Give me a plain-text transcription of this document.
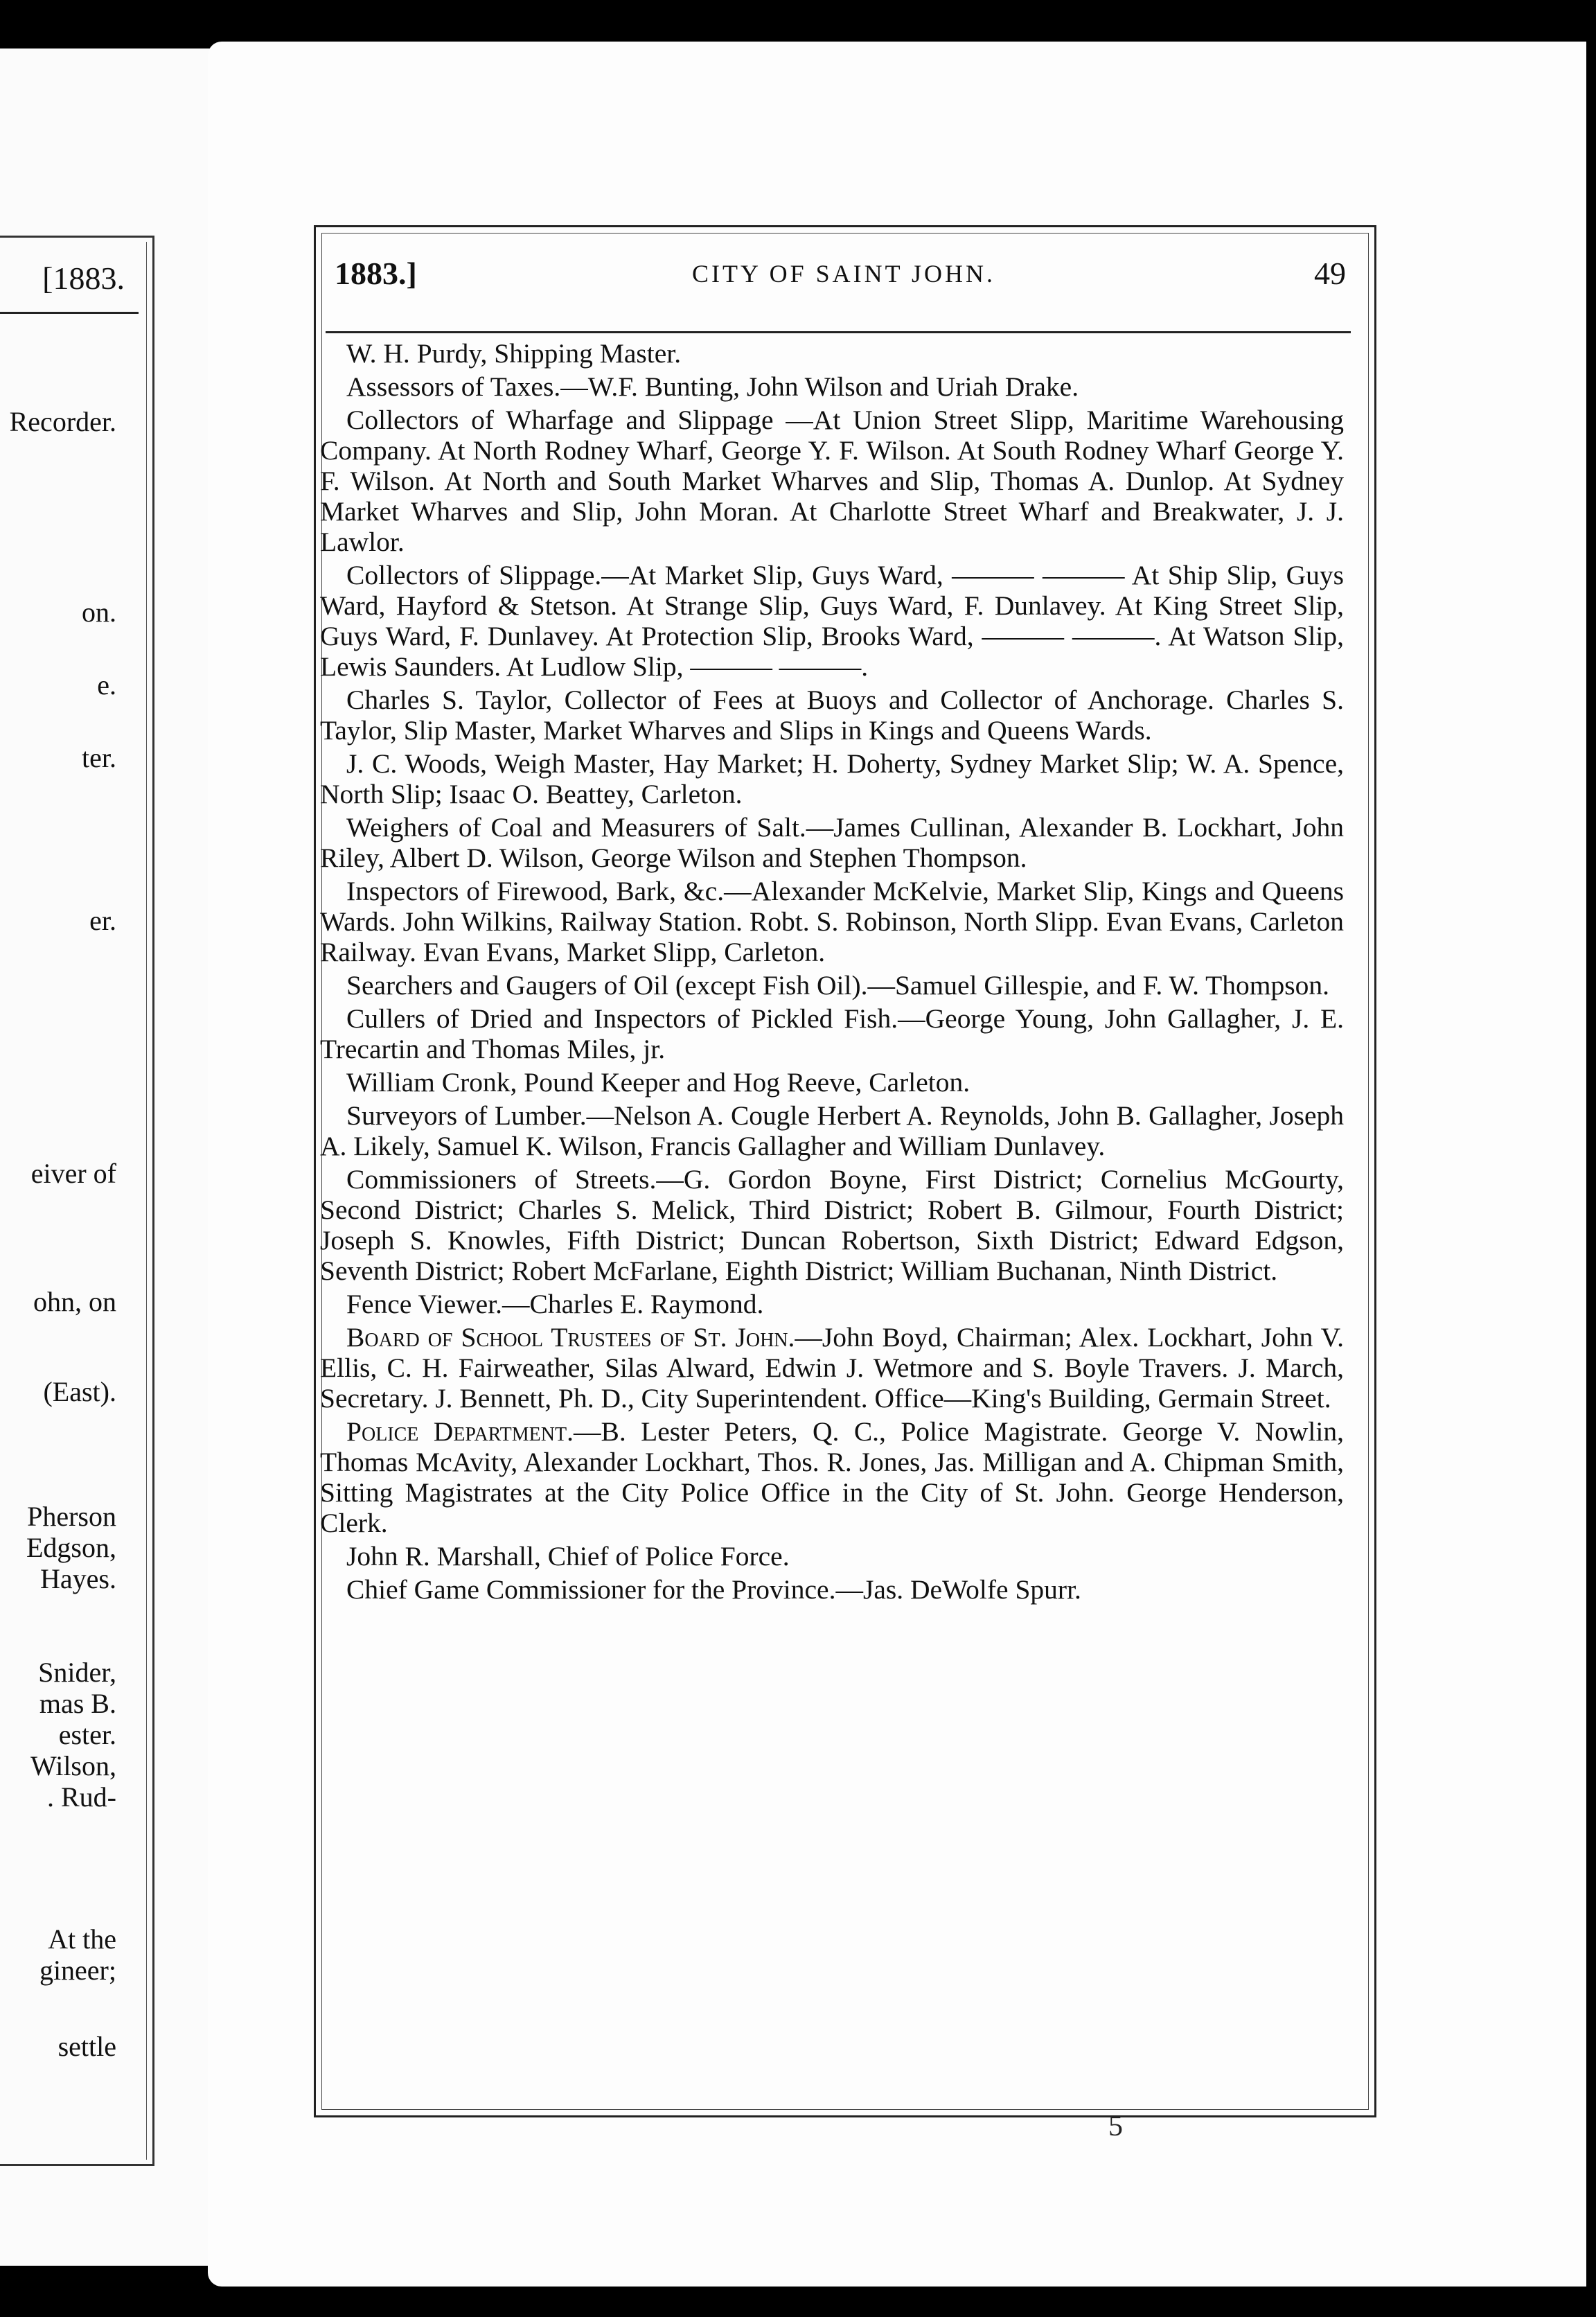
[1883.
Recorder.
on.
e.
ter.
er.
eiver of
ohn, on
(East).
Pherson
Edgson,
Hayes.
Snider,
mas B.
ester.
Wilson,
. Rud-
At the
gineer;
settle
1883.]	CITY OF SAINT JOHN.	49

W. H. Purdy, Shipping Master.

Assessors of Taxes.—W.F. Bunting, John Wilson and Uriah Drake.

Collectors of Wharfage and Slippage —At Union Street Slipp, Maritime Warehousing Company. At North Rodney Wharf, George Y. F. Wilson. At South Rodney Wharf George Y. F. Wilson. At North and South Market Wharves and Slip, Thomas A. Dunlop. At Sydney Market Wharves and Slip, John Moran. At Charlotte Street Wharf and Breakwater, J. J. Lawlor.

Collectors of Slippage.—At Market Slip, Guys Ward, ——— ——— At Ship Slip, Guys Ward, Hayford & Stetson. At Strange Slip, Guys Ward, F. Dunlavey. At King Street Slip, Guys Ward, F. Dunlavey. At Protection Slip, Brooks Ward, ——— ———. At Watson Slip, Lewis Saunders. At Ludlow Slip, ——— ———.

Charles S. Taylor, Collector of Fees at Buoys and Collector of Anchorage. Charles S. Taylor, Slip Master, Market Wharves and Slips in Kings and Queens Wards.

J. C. Woods, Weigh Master, Hay Market; H. Doherty, Sydney Market Slip; W. A. Spence, North Slip; Isaac O. Beattey, Carleton.

Weighers of Coal and Measurers of Salt.—James Cullinan, Alexander B. Lockhart, John Riley, Albert D. Wilson, George Wilson and Stephen Thompson.

Inspectors of Firewood, Bark, &c.—Alexander McKelvie, Market Slip, Kings and Queens Wards. John Wilkins, Railway Station. Robt. S. Robinson, North Slipp. Evan Evans, Carleton Railway. Evan Evans, Market Slipp, Carleton.

Searchers and Gaugers of Oil (except Fish Oil).—Samuel Gillespie, and F. W. Thompson.

Cullers of Dried and Inspectors of Pickled Fish.—George Young, John Gallagher, J. E. Trecartin and Thomas Miles, jr.

William Cronk, Pound Keeper and Hog Reeve, Carleton.

Surveyors of Lumber.—Nelson A. Cougle Herbert A. Reynolds, John B. Gallagher, Joseph A. Likely, Samuel K. Wilson, Francis Gallagher and William Dunlavey.

Commissioners of Streets.—G. Gordon Boyne, First District; Cornelius McGourty, Second District; Charles S. Melick, Third District; Robert B. Gilmour, Fourth District; Joseph S. Knowles, Fifth District; Duncan Robertson, Sixth District; Edward Edgson, Seventh District; Robert McFarlane, Eighth District; William Buchanan, Ninth District.

Fence Viewer.—Charles E. Raymond.

Board of School Trustees of St. John.—John Boyd, Chairman; Alex. Lockhart, John V. Ellis, C. H. Fairweather, Silas Alward, Edwin J. Wetmore and S. Boyle Travers. J. March, Secretary. J. Bennett, Ph. D., City Superintendent. Office—King's Building, Germain Street.

Police Department.—B. Lester Peters, Q. C., Police Magistrate. George V. Nowlin, Thomas McAvity, Alexander Lockhart, Thos. R. Jones, Jas. Milligan and A. Chipman Smith, Sitting Magistrates at the City Police Office in the City of St. John. George Henderson, Clerk.

John R. Marshall, Chief of Police Force.

Chief Game Commissioner for the Province.—Jas. DeWolfe Spurr.

5
